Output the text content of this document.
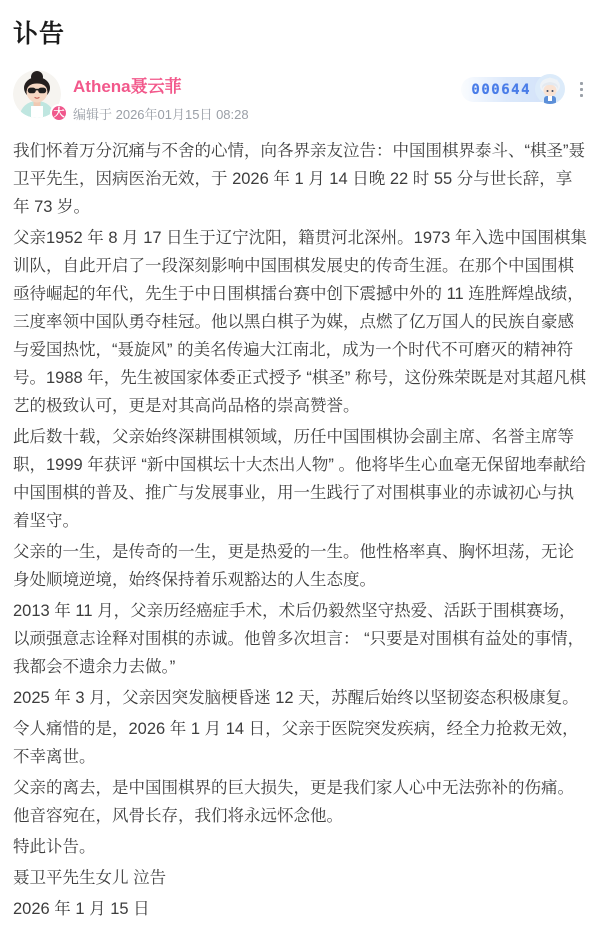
讣告
大
Athena聂云菲
编辑于 2026年01月15日 08:28
000644

我们怀着万分沉痛与不舍的心情，向各界亲友泣告：中国围棋界泰斗、“棋圣”聂卫平先生，因病医治无效，于 2026 年 1 月 14 日晚 22 时 55 分与世长辞，享年 73 岁。

父亲1952 年 8 月 17 日生于辽宁沈阳，籍贯河北深州。1973 年入选中国围棋集训队，自此开启了一段深刻影响中国围棋发展史的传奇生涯。在那个中国围棋亟待崛起的年代，先生于中日围棋擂台赛中创下震撼中外的 11 连胜辉煌战绩，三度率领中国队勇夺桂冠。他以黑白棋子为媒，点燃了亿万国人的民族自豪感与爱国热忱，“聂旋风” 的美名传遍大江南北，成为一个时代不可磨灭的精神符号。1988 年，先生被国家体委正式授予 “棋圣” 称号，这份殊荣既是对其超凡棋艺的极致认可，更是对其高尚品格的崇高赞誉。

此后数十载，父亲始终深耕围棋领域，历任中国围棋协会副主席、名誉主席等职，1999 年获评 “新中国棋坛十大杰出人物” 。他将毕生心血毫无保留地奉献给中国围棋的普及、推广与发展事业，用一生践行了对围棋事业的赤诚初心与执着坚守。

父亲的一生，是传奇的一生，更是热爱的一生。他性格率真、胸怀坦荡，无论身处顺境逆境，始终保持着乐观豁达的人生态度。

2013 年 11 月，父亲历经癌症手术，术后仍毅然坚守热爱、活跃于围棋赛场，以顽强意志诠释对围棋的赤诚。他曾多次坦言： “只要是对围棋有益处的事情，我都会不遗余力去做。”

2025 年 3 月，父亲因突发脑梗昏迷 12 天，苏醒后始终以坚韧姿态积极康复。

令人痛惜的是，2026 年 1 月 14 日，父亲于医院突发疾病，经全力抢救无效，不幸离世。

父亲的离去，是中国围棋界的巨大损失，更是我们家人心中无法弥补的伤痛。他音容宛在，风骨长存，我们将永远怀念他。

特此讣告。

聂卫平先生女儿 泣告

2026 年 1 月 15 日
